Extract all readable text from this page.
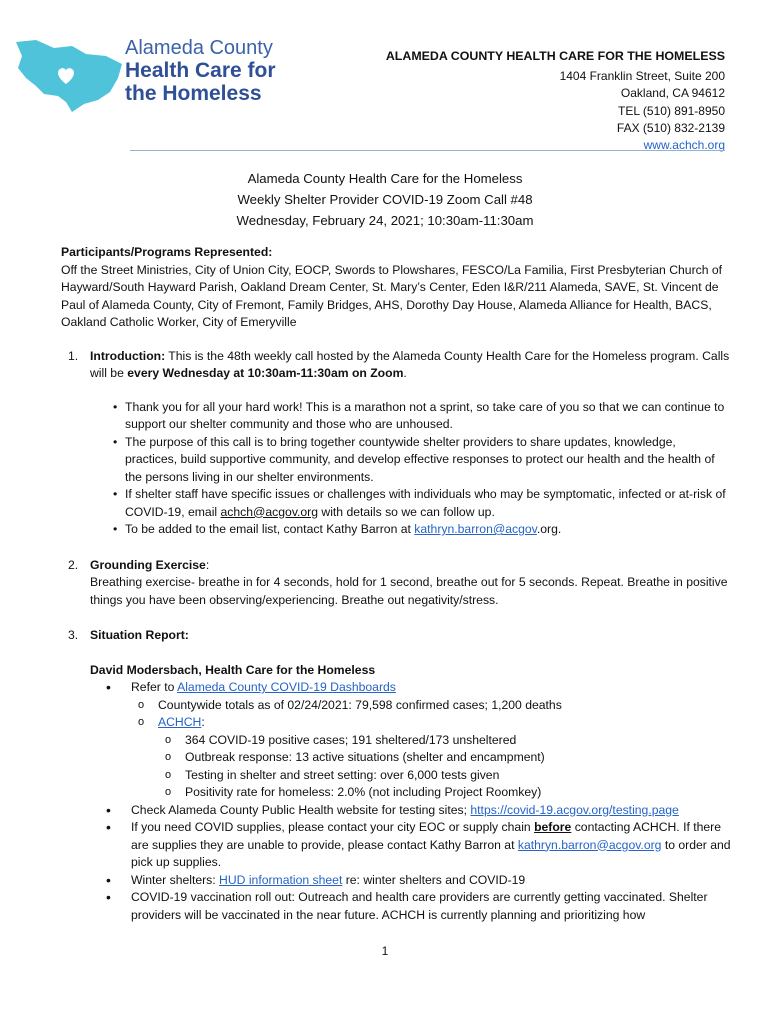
Alameda County
Health Care for
the Homeless
ALAMEDA COUNTY HEALTH CARE FOR THE HOMELESS
1404 Franklin Street, Suite 200
Oakland, CA 94612
TEL (510) 891-8950
FAX (510) 832-2139
www.achch.org
Alameda County Health Care for the Homeless
Weekly Shelter Provider COVID-19 Zoom Call #48
Wednesday, February 24, 2021; 10:30am-11:30am

Participants/Programs Represented:

Off the Street Ministries, City of Union City, EOCP, Swords to Plowshares, FESCO/La Familia, First Presbyterian Church of Hayward/South Hayward Parish, Oakland Dream Center, St. Mary’s Center, Eden I&R/211 Alameda, SAVE, St. Vincent de Paul of Alameda County, City of Fremont, Family Bridges, AHS, Dorothy Day House, Alameda Alliance for Health, BACS, Oakland Catholic Worker, City of Emeryville

1. Introduction: This is the 48th weekly call hosted by the Alameda County Health Care for the Homeless program. Calls will be every Wednesday at 10:30am-11:30am on Zoom.

• Thank you for all your hard work! This is a marathon not a sprint, so take care of you so that we can continue to support our shelter community and those who are unhoused.
• The purpose of this call is to bring together countywide shelter providers to share updates, knowledge, practices, build supportive community, and develop effective responses to protect our health and the health of the persons living in our shelter environments.
• If shelter staff have specific issues or challenges with individuals who may be symptomatic, infected or at-risk of COVID-19, email achch@acgov.org with details so we can follow up.
• To be added to the email list, contact Kathy Barron at kathryn.barron@acgov.org.
2. Grounding Exercise:

Breathing exercise- breathe in for 4 seconds, hold for 1 second, breathe out for 5 seconds. Repeat. Breathe in positive things you have been observing/experiencing. Breathe out negativity/stress.

3. Situation Report:

David Modersbach, Health Care for the Homeless

• Refer to Alameda County COVID-19 Dashboards
o Countywide totals as of 02/24/2021: 79,598 confirmed cases; 1,200 deaths
o ACHCH:
o 364 COVID-19 positive cases; 191 sheltered/173 unsheltered
o Outbreak response: 13 active situations (shelter and encampment)
o Testing in shelter and street setting: over 6,000 tests given
o Positivity rate for homeless: 2.0% (not including Project Roomkey)
• Check Alameda County Public Health website for testing sites; https://covid-19.acgov.org/testing.page
• If you need COVID supplies, please contact your city EOC or supply chain before contacting ACHCH. If there are supplies they are unable to provide, please contact Kathy Barron at kathryn.barron@acgov.org to order and pick up supplies.
• Winter shelters: HUD information sheet re: winter shelters and COVID-19
• COVID-19 vaccination roll out: Outreach and health care providers are currently getting vaccinated. Shelter providers will be vaccinated in the near future. ACHCH is currently planning and prioritizing how
1
